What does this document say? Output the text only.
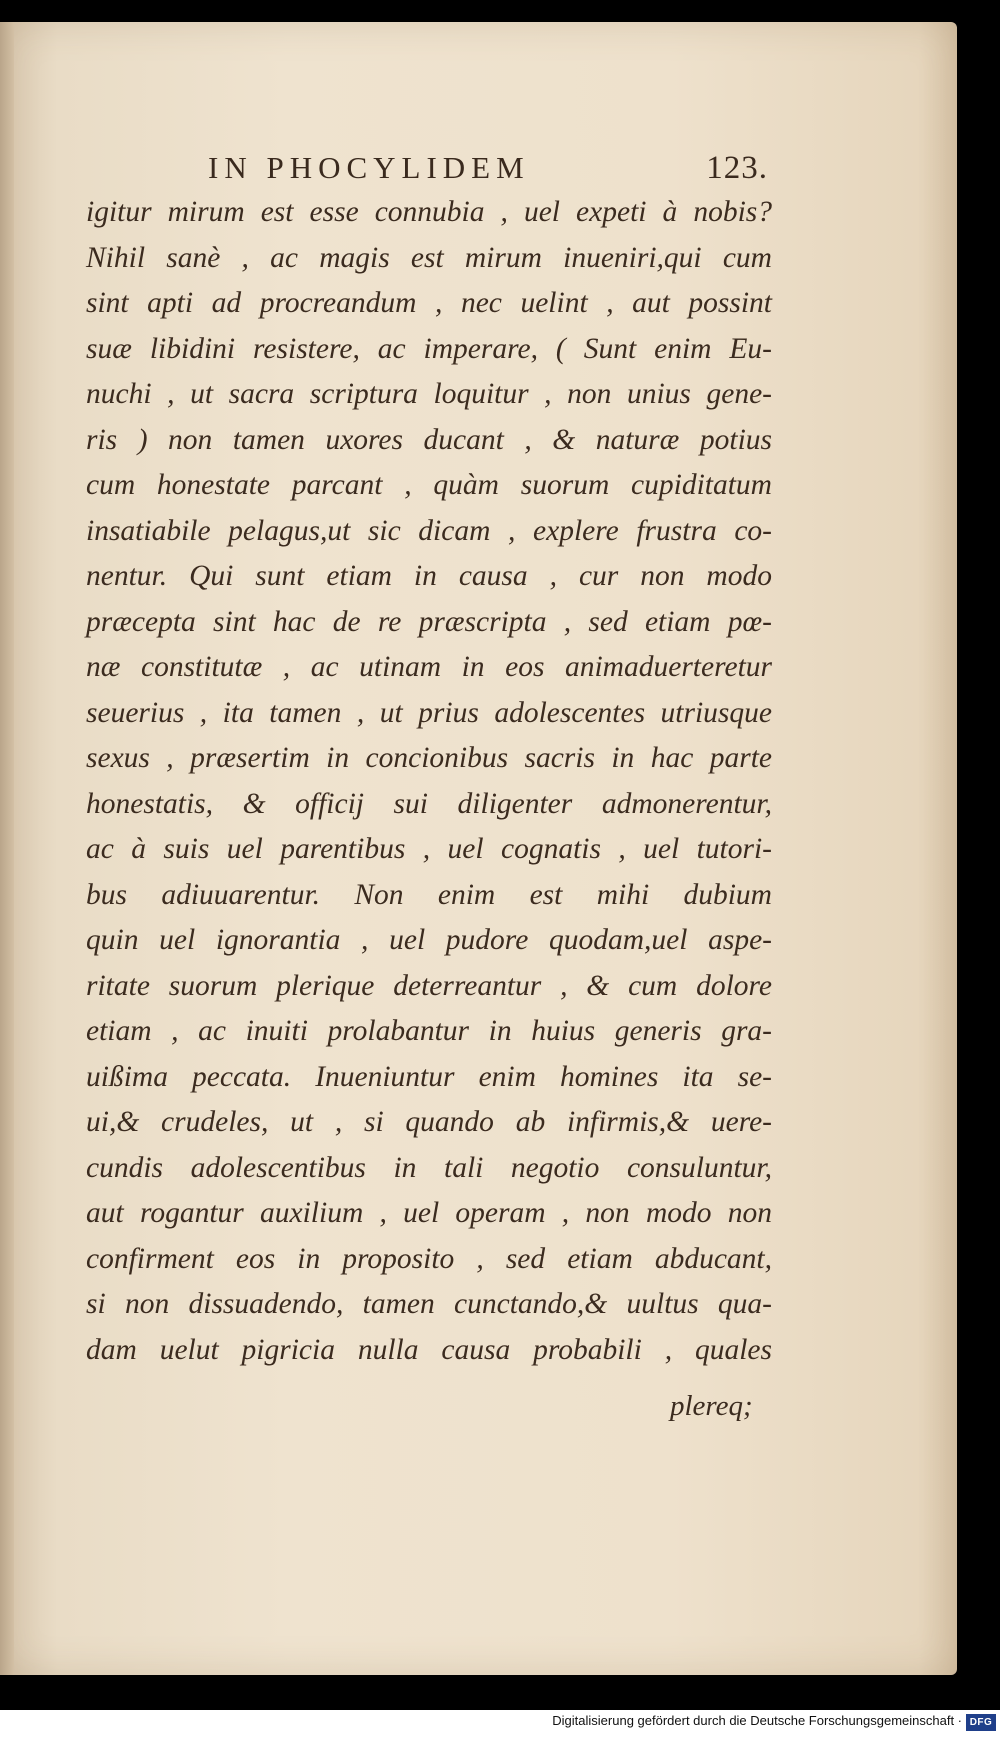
IN PHOCYLIDEM	123.
igitur mirum est esse connubia , uel expeti à nobis?
Nihil sanè , ac magis est mirum inueniri,qui cum
sint apti ad procreandum , nec uelint , aut possint
suæ libidini resistere, ac imperare, ( Sunt enim Eu-
nuchi , ut sacra scriptura loquitur , non unius gene-
ris ) non tamen uxores ducant , & naturæ potius
cum honestate parcant , quàm suorum cupiditatum
insatiabile pelagus,ut sic dicam , explere frustra co-
nentur. Qui sunt etiam in causa , cur non modo
præcepta sint hac de re præscripta , sed etiam pœ-
næ constitutæ , ac utinam in eos animaduerteretur
seuerius , ita tamen , ut prius adolescentes utriusque
sexus , præsertim in concionibus sacris in hac parte
honestatis, & officij sui diligenter admonerentur,
ac à suis uel parentibus , uel cognatis , uel tutori-
bus adiuuarentur. Non enim est mihi dubium
quin uel ignorantia , uel pudore quodam,uel aspe-
ritate suorum plerique deterreantur , & cum dolore
etiam , ac inuiti prolabantur in huius generis gra-
uißima peccata. Inueniuntur enim homines ita se-
ui,& crudeles, ut , si quando ab infirmis,& uere-
cundis adolescentibus in tali negotio consuluntur,
aut rogantur auxilium , uel operam , non modo non
confirment eos in proposito , sed etiam abducant,
si non dissuadendo, tamen cunctando,& uultus qua-
dam uelut pigricia nulla causa probabili , quales
plereq;
Digitalisierung gefördert durch die Deutsche Forschungsgemeinschaft · DFG
